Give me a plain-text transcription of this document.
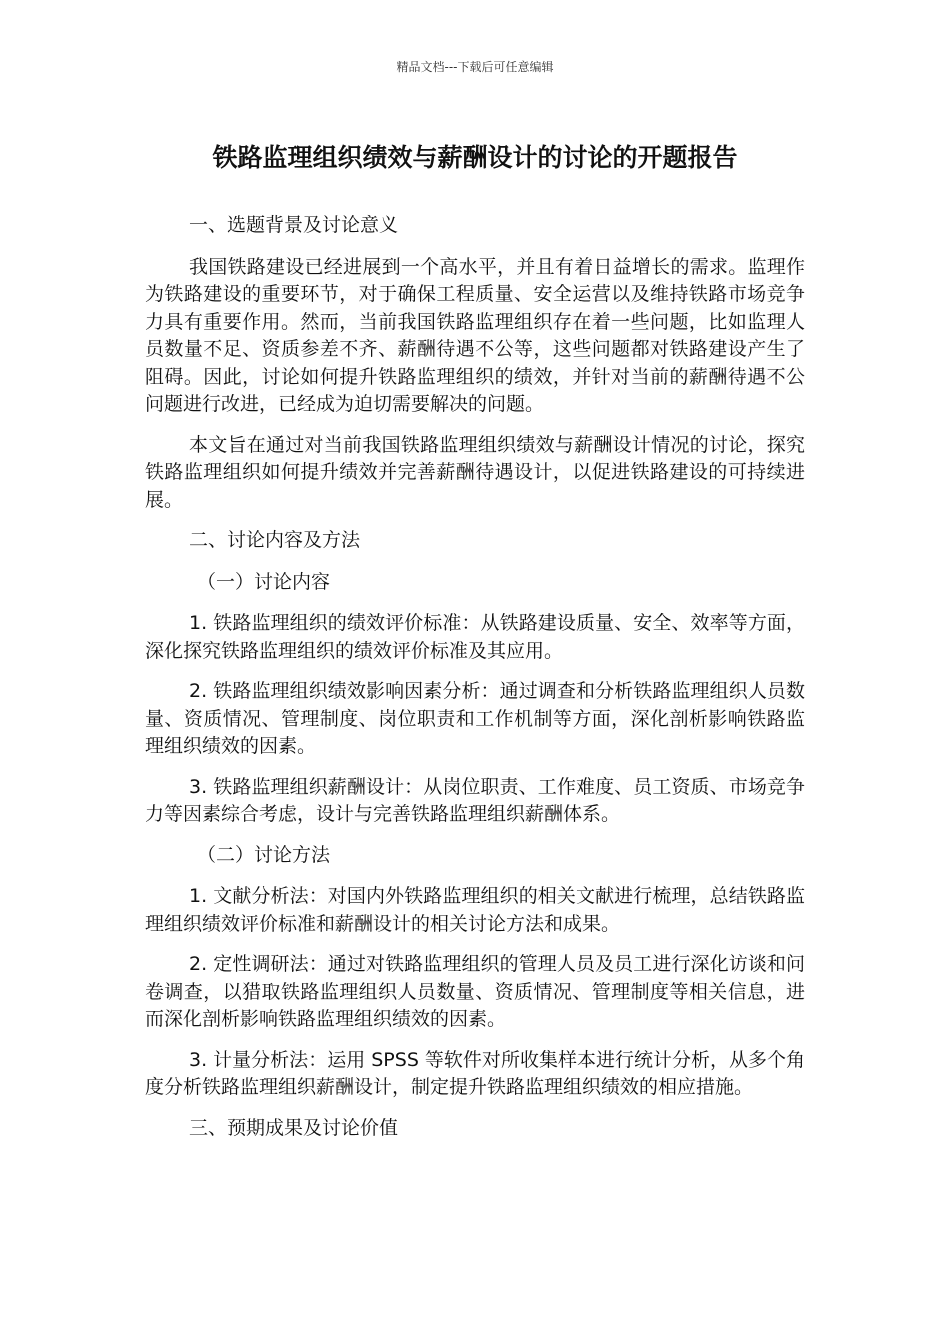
精品文档---下载后可任意编辑
铁路监理组织绩效与薪酬设计的讨论的开题报告

一、选题背景及讨论意义

我国铁路建设已经进展到一个高水平，并且有着日益增长的需求。监理作为铁路建设的重要环节，对于确保工程质量、安全运营以及维持铁路市场竞争力具有重要作用。然而，当前我国铁路监理组织存在着一些问题，比如监理人员数量不足、资质参差不齐、薪酬待遇不公等，这些问题都对铁路建设产生了阻碍。因此，讨论如何提升铁路监理组织的绩效，并针对当前的薪酬待遇不公问题进行改进，已经成为迫切需要解决的问题。

本文旨在通过对当前我国铁路监理组织绩效与薪酬设计情况的讨论，探究铁路监理组织如何提升绩效并完善薪酬待遇设计，以促进铁路建设的可持续进展。

二、讨论内容及方法

（一）讨论内容

1. 铁路监理组织的绩效评价标准：从铁路建设质量、安全、效率等方面，深化探究铁路监理组织的绩效评价标准及其应用。

2. 铁路监理组织绩效影响因素分析：通过调查和分析铁路监理组织人员数量、资质情况、管理制度、岗位职责和工作机制等方面，深化剖析影响铁路监理组织绩效的因素。

3. 铁路监理组织薪酬设计：从岗位职责、工作难度、员工资质、市场竞争力等因素综合考虑，设计与完善铁路监理组织薪酬体系。

（二）讨论方法

1. 文献分析法：对国内外铁路监理组织的相关文献进行梳理，总结铁路监理组织绩效评价标准和薪酬设计的相关讨论方法和成果。

2. 定性调研法：通过对铁路监理组织的管理人员及员工进行深化访谈和问卷调查，以猎取铁路监理组织人员数量、资质情况、管理制度等相关信息，进而深化剖析影响铁路监理组织绩效的因素。

3. 计量分析法：运用 SPSS 等软件对所收集样本进行统计分析，从多个角度分析铁路监理组织薪酬设计，制定提升铁路监理组织绩效的相应措施。

三、预期成果及讨论价值
